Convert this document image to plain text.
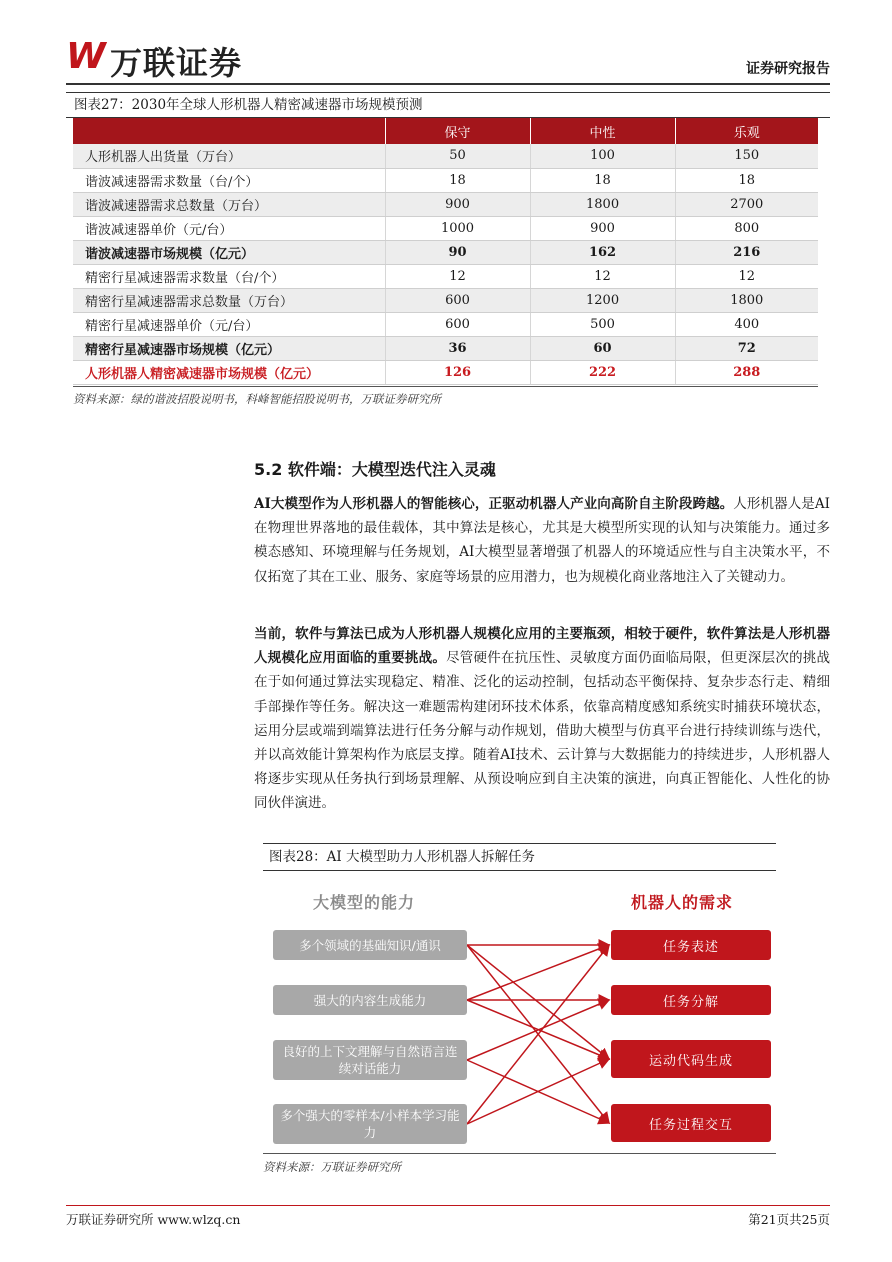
W 万联证券	证券研究报告
图表27：2030年全球人形机器人精密减速器市场规模预测
	保守	中性	乐观
人形机器人出货量（万台）	50	100	150
谐波减速器需求数量（台/个）	18	18	18
谐波减速器需求总数量（万台）	900	1800	2700
谐波减速器单价（元/台）	1000	900	800
谐波减速器市场规模（亿元）	90	162	216
精密行星减速器需求数量（台/个）	12	12	12
精密行星减速器需求总数量（万台）	600	1200	1800
精密行星减速器单价（元/台）	600	500	400
精密行星减速器市场规模（亿元）	36	60	72
人形机器人精密减速器市场规模（亿元）	126	222	288
资料来源：绿的谐波招股说明书，科峰智能招股说明书，万联证券研究所
5.2 软件端：大模型迭代注入灵魂
AI大模型作为人形机器人的智能核心，正驱动机器人产业向高阶自主阶段跨越。人形机器人是AI在物理世界落地的最佳载体，其中算法是核心，尤其是大模型所实现的认知与决策能力。通过多模态感知、环境理解与任务规划，AI大模型显著增强了机器人的环境适应性与自主决策水平，不仅拓宽了其在工业、服务、家庭等场景的应用潜力，也为规模化商业落地注入了关键动力。
当前，软件与算法已成为人形机器人规模化应用的主要瓶颈，相较于硬件，软件算法是人形机器人规模化应用面临的重要挑战。尽管硬件在抗压性、灵敏度方面仍面临局限，但更深层次的挑战在于如何通过算法实现稳定、精准、泛化的运动控制，包括动态平衡保持、复杂步态行走、精细手部操作等任务。解决这一难题需构建闭环技术体系，依靠高精度感知系统实时捕获环境状态，运用分层或端到端算法进行任务分解与动作规划，借助大模型与仿真平台进行持续训练与迭代，并以高效能计算架构作为底层支撑。随着AI技术、云计算与大数据能力的持续进步，人形机器人将逐步实现从任务执行到场景理解、从预设响应到自主决策的演进，向真正智能化、人性化的协同伙伴演进。
图表28：AI 大模型助力人形机器人拆解任务
大模型的能力	机器人的需求
多个领域的基础知识/通识
强大的内容生成能力
良好的上下文理解与自然语言连续对话能力
多个强大的零样本/小样本学习能力
任务表述
任务分解
运动代码生成
任务过程交互
资料来源：万联证券研究所
万联证券研究所 www.wlzq.cn	第21页共25页
